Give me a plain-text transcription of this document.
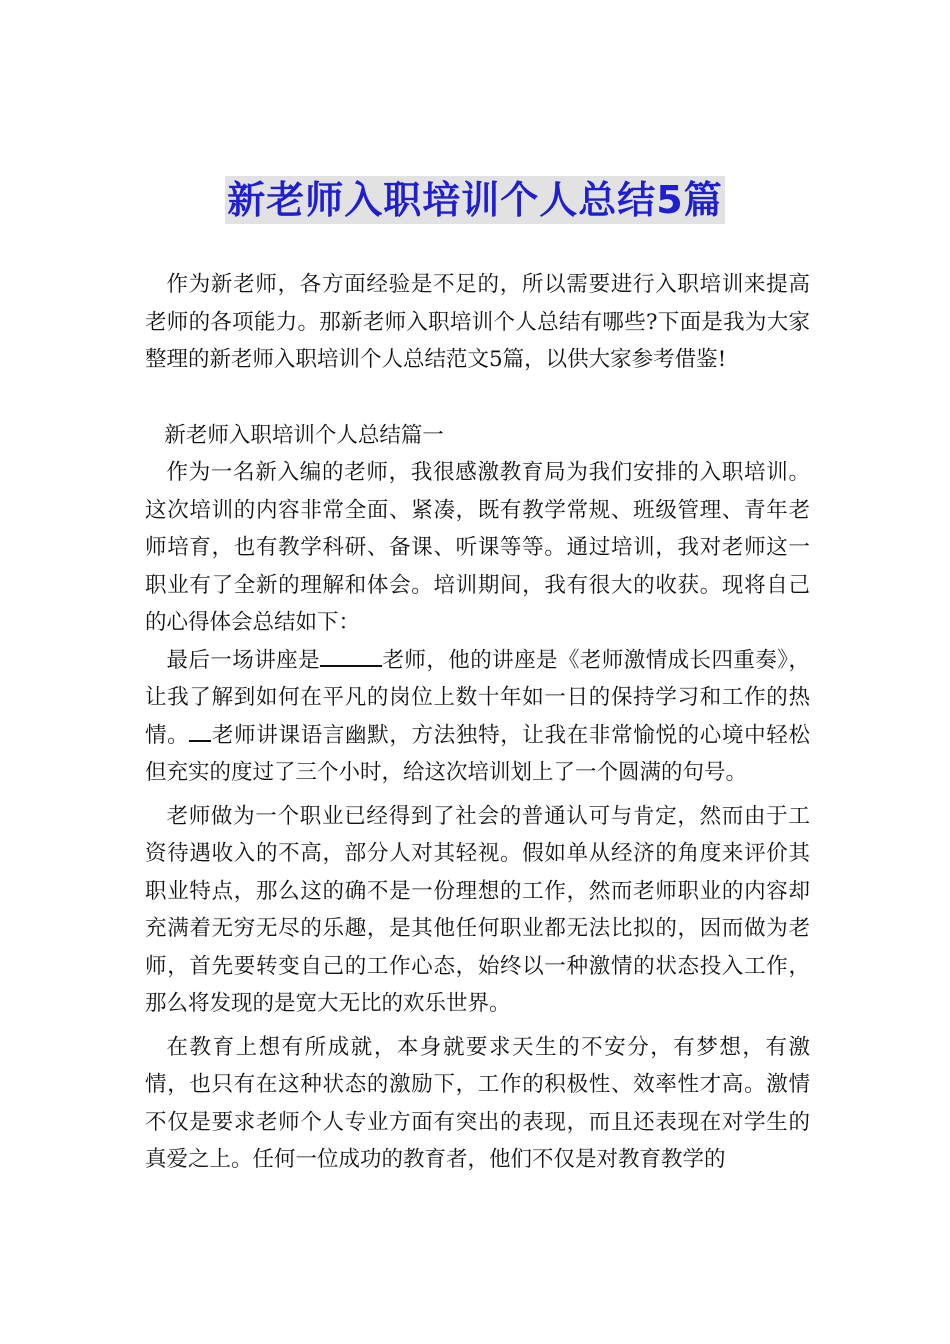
新老师入职培训个人总结5篇

作为新老师，各方面经验是不足的，所以需要进行入职培训来提高老师的各项能力。那新老师入职培训个人总结有哪些?下面是我为大家整理的新老师入职培训个人总结范文5篇，以供大家参考借鉴!

新老师入职培训个人总结篇一

作为一名新入编的老师，我很感激教育局为我们安排的入职培训。这次培训的内容非常全面、紧凑，既有教学常规、班级管理、青年老师培育，也有教学科研、备课、听课等等。通过培训，我对老师这一职业有了全新的理解和体会。培训期间，我有很大的收获。现将自己的心得体会总结如下：

最后一场讲座是	老师，他的讲座是《老师激情成长四重奏》，让我了解到如何在平凡的岗位上数十年如一日的保持学习和工作的热情。 老师讲课语言幽默，方法独特，让我在非常愉悦的心境中轻松但充实的度过了三个小时，给这次培训划上了一个圆满的句号。

老师做为一个职业已经得到了社会的普通认可与肯定，然而由于工资待遇收入的不高，部分人对其轻视。假如单从经济的角度来评价其职业特点，那么这的确不是一份理想的工作，然而老师职业的内容却充满着无穷无尽的乐趣，是其他任何职业都无法比拟的，因而做为老师，首先要转变自己的工作心态，始终以一种激情的状态投入工作，那么将发现的是宽大无比的欢乐世界。

在教育上想有所成就，本身就要求天生的不安分，有梦想，有激情，也只有在这种状态的激励下，工作的积极性、效率性才高。激情不仅是要求老师个人专业方面有突出的表现，而且还表现在对学生的真爱之上。任何一位成功的教育者，他们不仅是对教育教学的
